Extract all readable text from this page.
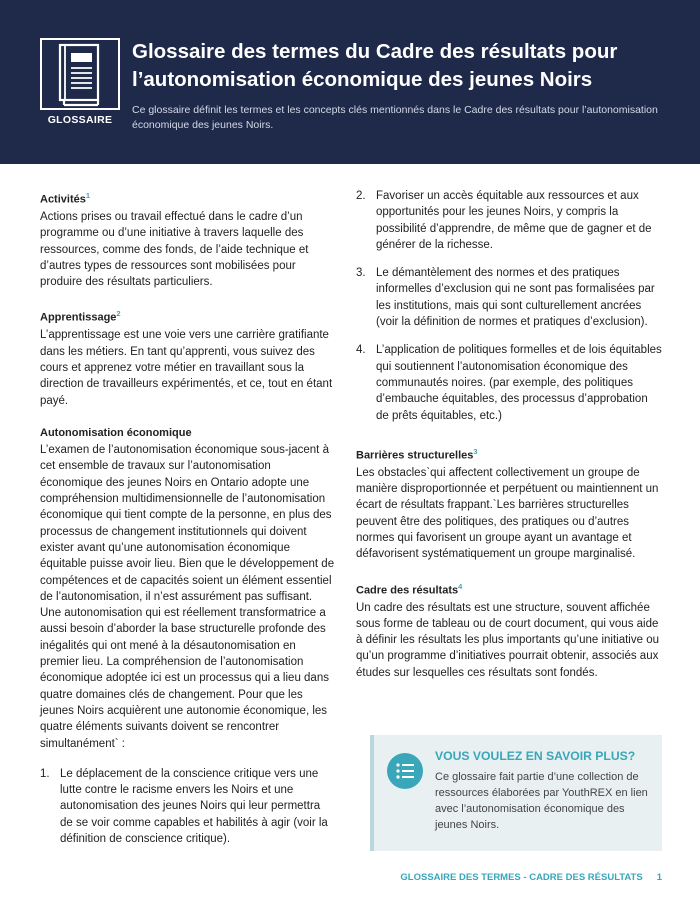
GLOSSAIRE
Glossaire des termes du Cadre des résultats pour
l’autonomisation économique des jeunes Noirs
Ce glossaire définit les termes et les concepts clés mentionnés dans le Cadre des résultats pour l’autonomisation économique des jeunes Noirs.
Activités$^1$
Actions prises ou travail effectué dans le cadre d’un programme ou d’une initiative à travers laquelle des ressources, comme des fonds, de l’aide technique et d’autres types de ressources sont mobilisées pour produire des résultats particuliers.
Apprentissage$^2$
L’apprentissage est une voie vers une carrière gratifiante dans les métiers. En tant qu’apprenti, vous suivez des cours et apprenez votre métier en travaillant sous la direction de travailleurs expérimentés, et ce, tout en étant payé.
Autonomisation économique
L’examen de l’autonomisation économique sous-jacent à cet ensemble de travaux sur l’autonomisation économique des jeunes Noirs en Ontario adopte une compréhension multidimensionnelle de l’autonomisation économique qui tient compte de la personne, en plus des processus de changement institutionnels qui doivent exister avant qu’une autonomisation économique équitable puisse avoir lieu. Bien que le développement de compétences et de capacités soient un élément essentiel de l’autonomisation, il n’est assurément pas suffisant. Une autonomisation qui est réellement transformatrice a aussi besoin d’aborder la base structurelle profonde des inégalités qui ont mené à la désautonomisation en premier lieu. La compréhension de l’autonomisation économique adoptée ici est un processus qui a lieu dans quatre domaines clés de changement. Pour que les jeunes Noirs acquièrent une autonomie économique, les quatre éléments suivants doivent se rencontrer simultanément` :
1. Le déplacement de la conscience critique vers une lutte contre le racisme envers les Noirs et une autonomisation des jeunes Noirs qui leur permettra de se voir comme capables et habilités à agir (voir la définition de conscience critique).
2. Favoriser un accès équitable aux ressources et aux opportunités pour les jeunes Noirs, y compris la possibilité d’apprendre, de même que de gagner et de générer de la richesse.
3. Le démantèlement des normes et des pratiques informelles d’exclusion qui ne sont pas formalisées par les institutions, mais qui sont culturellement ancrées (voir la définition de normes et pratiques d’exclusion).
4. L’application de politiques formelles et de lois équitables qui soutiennent l’autonomisation économique des communautés noires. (par exemple, des politiques d’embauche équitables, des processus d’approbation de prêts équitables, etc.)
Barrières structurelles$^3$
Les obstacles`qui affectent collectivement un groupe de manière disproportionnée et perpétuent ou maintiennent un écart de résultats frappant.`Les barrières structurelles peuvent être des politiques, des pratiques ou d’autres normes qui favorisent un groupe ayant un avantage et défavorisent systématiquement un groupe marginalisé.
Cadre des résultats$^4$
Un cadre des résultats est une structure, souvent affichée sous forme de tableau ou de court document, qui vous aide à définir les résultats les plus importants qu’une initiative ou qu’un programme d’initiatives pourrait obtenir, associés aux études sur lesquelles ces résultats sont fondés.
VOUS VOULEZ EN SAVOIR PLUS?
Ce glossaire fait partie d’une collection de ressources élaborées par YouthREX en lien avec l’autonomisation économique des jeunes Noirs.
GLOSSAIRE DES TERMES - CADRE DES RÉSULTATS 1
